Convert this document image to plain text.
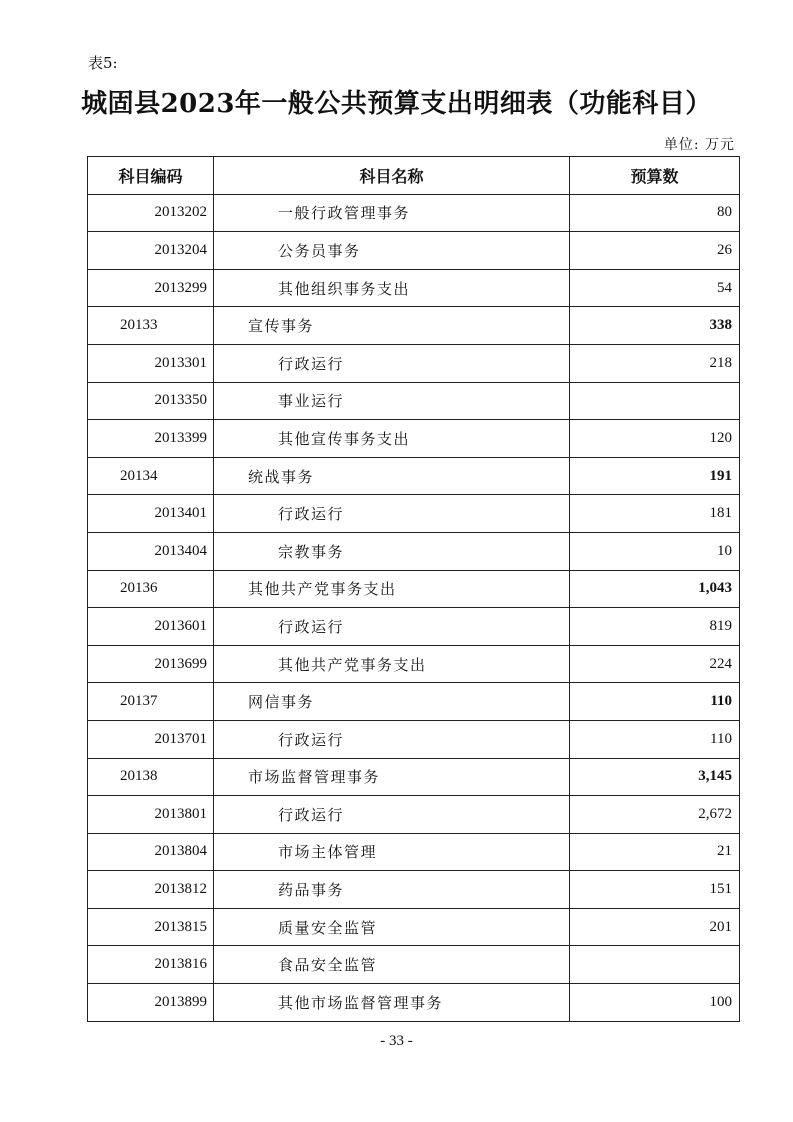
表5:
城固县2023年一般公共预算支出明细表（功能科目）
单位: 万元
科目编码	科目名称	预算数
2013202	一般行政管理事务	80
2013204	公务员事务	26
2013299	其他组织事务支出	54
20133	宣传事务	338
2013301	行政运行	218
2013350	事业运行	
2013399	其他宣传事务支出	120
20134	统战事务	191
2013401	行政运行	181
2013404	宗教事务	10
20136	其他共产党事务支出	1,043
2013601	行政运行	819
2013699	其他共产党事务支出	224
20137	网信事务	110
2013701	行政运行	110
20138	市场监督管理事务	3,145
2013801	行政运行	2,672
2013804	市场主体管理	21
2013812	药品事务	151
2013815	质量安全监管	201
2013816	食品安全监管	
2013899	其他市场监督管理事务	100
- 33 -
